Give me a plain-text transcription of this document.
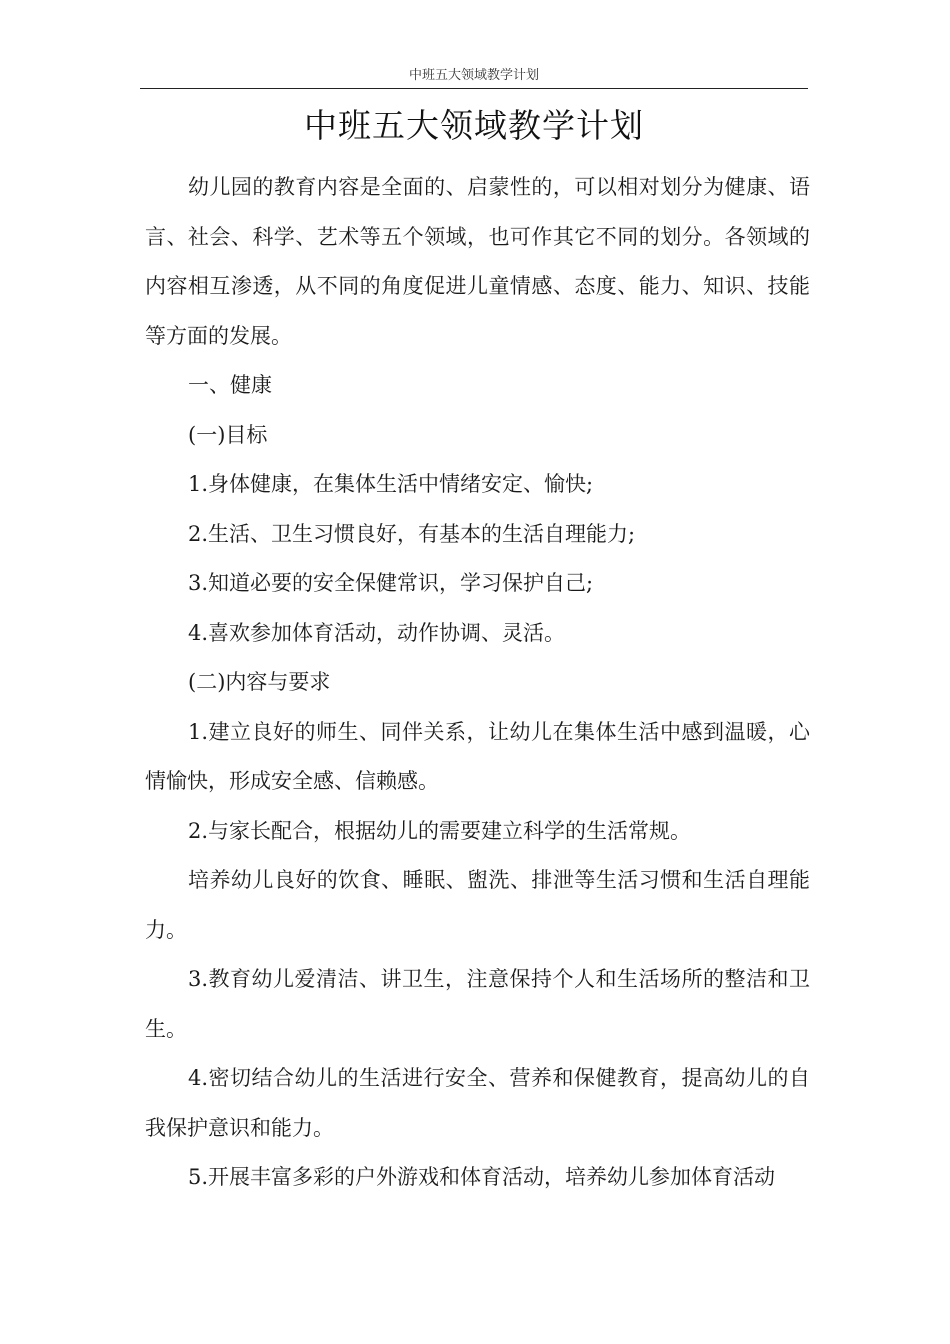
中班五大领域教学计划
中班五大领域教学计划

幼儿园的教育内容是全面的、启蒙性的，可以相对划分为健康、语言、社会、科学、艺术等五个领域，也可作其它不同的划分。各领域的内容相互渗透，从不同的角度促进儿童情感、态度、能力、知识、技能等方面的发展。

一、健康

(一)目标

1.身体健康，在集体生活中情绪安定、愉快;

2.生活、卫生习惯良好，有基本的生活自理能力;

3.知道必要的安全保健常识，学习保护自己;

4.喜欢参加体育活动，动作协调、灵活。

(二)内容与要求

1.建立良好的师生、同伴关系，让幼儿在集体生活中感到温暖，心情愉快，形成安全感、信赖感。

2.与家长配合，根据幼儿的需要建立科学的生活常规。

培养幼儿良好的饮食、睡眠、盥洗、排泄等生活习惯和生活自理能力。

3.教育幼儿爱清洁、讲卫生，注意保持个人和生活场所的整洁和卫生。

4.密切结合幼儿的生活进行安全、营养和保健教育，提高幼儿的自我保护意识和能力。

5.开展丰富多彩的户外游戏和体育活动，培养幼儿参加体育活动
